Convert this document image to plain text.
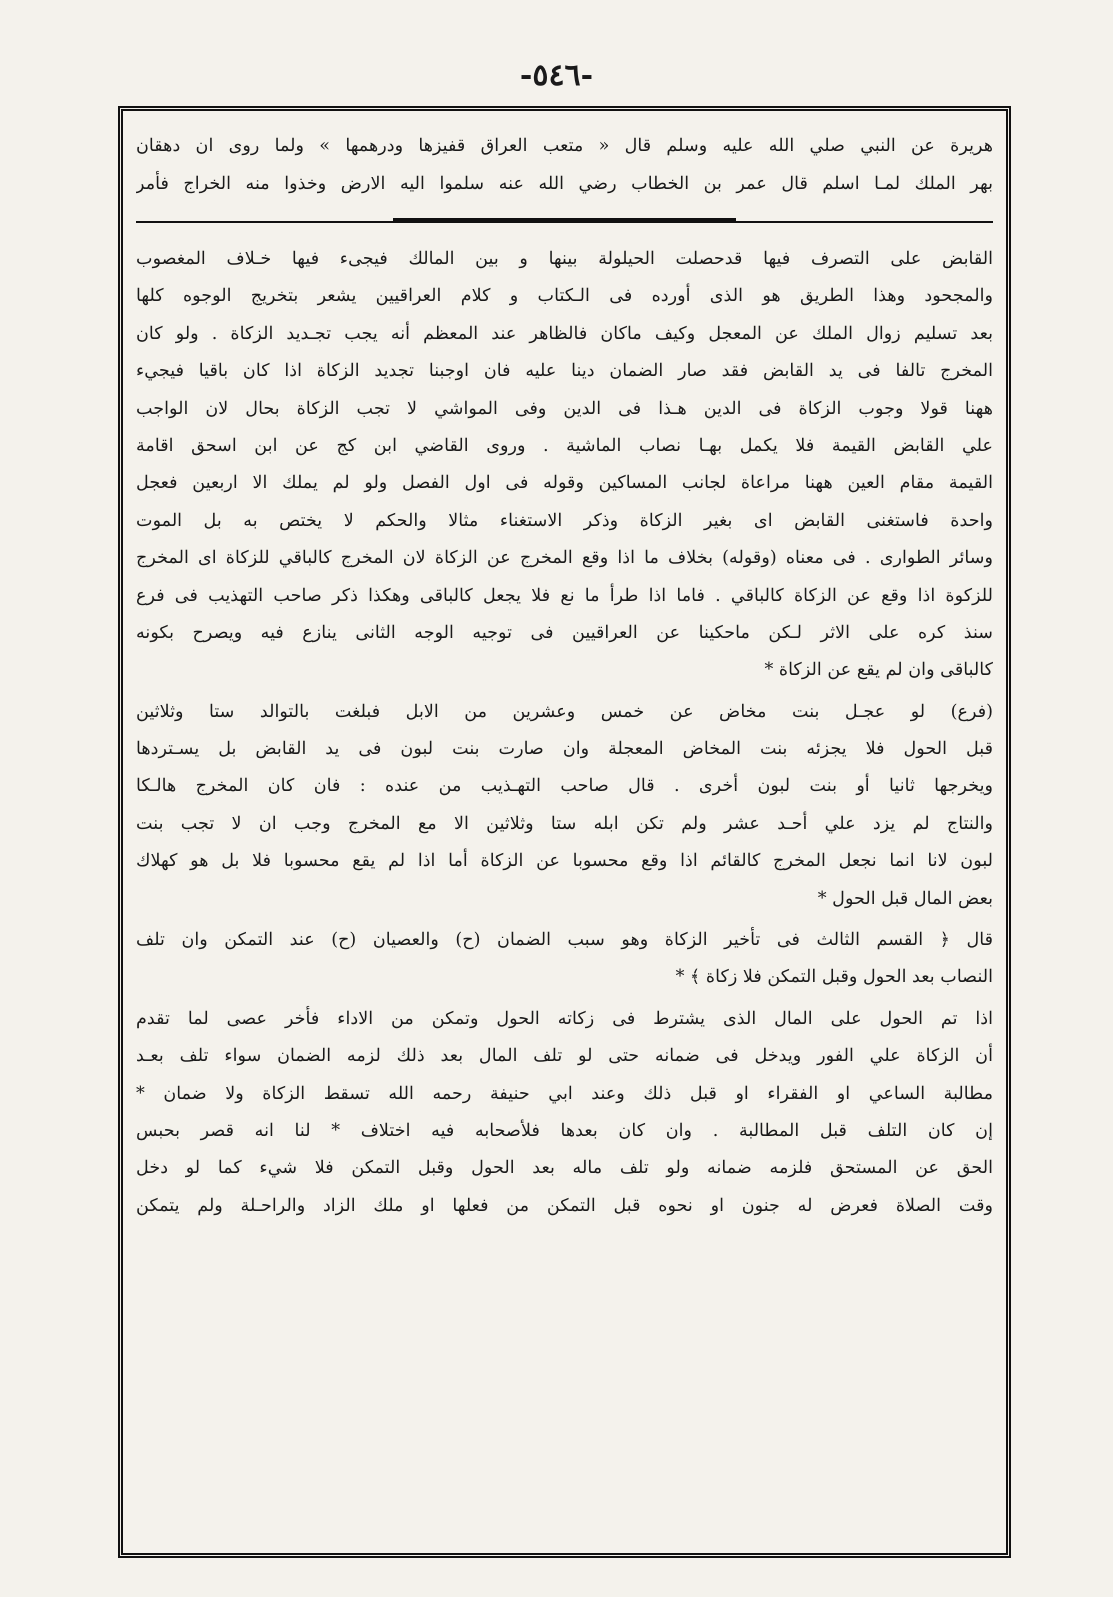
-٥٤٦-
هريرة عن النبي صلي الله عليه وسلم قال « متعب العراق قفيزها ودرهمها » ولما روى ان دهقان
بهر الملك لمـا اسلم قال عمر بن الخطاب رضي الله عنه سلموا اليه الارض وخذوا منه الخراج فأمر
القابض على التصرف فيها قدحصلت الحيلولة بينها و بين المالك فيجىء فيها خـلاف المغصوب
والمجحود وهذا الطريق هو الذى أورده فى الـكتاب و كلام العراقيين يشعر بتخريج الوجوه كلها
بعد تسليم زوال الملك عن المعجل وكيف ماكان فالظاهر عند المعظم أنه يجب تجـديد الزكاة . ولو كان
المخرج تالفا فى يد القابض فقد صار الضمان دينا عليه فان اوجبنا تجديد الزكاة اذا كان باقيا فيجيء
ههنا قولا وجوب الزكاة فى الدين هـذا فى الدين وفى المواشي لا تجب الزكاة بحال لان الواجب
علي القابض القيمة فلا يكمل بهـا نصاب الماشية . وروى القاضي ابن كج عن ابن اسحق اقامة
القيمة مقام العين ههنا مراعاة لجانب المساكين وقوله فى اول الفصل ولو لم يملك الا اربعين فعجل
واحدة فاستغنى القابض اى بغير الزكاة وذكر الاستغناء مثالا والحكم لا يختص به بل الموت
وسائر الطوارى . فى معناه (وقوله) بخلاف ما اذا وقع المخرج عن الزكاة لان المخرج كالباقي للزكاة اى المخرج
للزكوة اذا وقع عن الزكاة كالباقي . فاما اذا طرأ ما نع فلا يجعل كالباقى وهكذا ذكر صاحب التهذيب فى فرع
سنذ كره على الاثر لـكن ماحكينا عن العراقيين فى توجيه الوجه الثانى ينازع فيه ويصرح بكونه
كالباقى وان لم يقع عن الزكاة *
(فرع) لو عجـل بنت مخاض عن خمس وعشرين من الابل فبلغت بالتوالد ستا وثلاثين
قبل الحول فلا يجزئه بنت المخاض المعجلة وان صارت بنت لبون فى يد القابض بل يسـتردها
ويخرجها ثانيا أو بنت لبون أخرى . قال صاحب التهـذيب من عنده : فان كان المخرج هالـكا
والنتاج لم يزد علي أحـد عشر ولم تكن ابله ستا وثلاثين الا مع المخرج وجب ان لا تجب بنت
لبون لانا انما نجعل المخرج كالقائم اذا وقع محسوبا عن الزكاة أما اذا لم يقع محسوبا فلا بل هو كهلاك
بعض المال قبل الحول *
قال ﴿ القسم الثالث فى تأخير الزكاة وهو سبب الضمان (ح) والعصيان (ح) عند التمكن وان تلف
النصاب بعد الحول وقبل التمكن فلا زكاة ﴾ *
اذا تم الحول على المال الذى يشترط فى زكاته الحول وتمكن من الاداء فأخر عصى لما تقدم
أن الزكاة علي الفور ويدخل فى ضمانه حتى لو تلف المال بعد ذلك لزمه الضمان سواء تلف بعـد
مطالبة الساعي او الفقراء او قبل ذلك وعند ابي حنيفة رحمه الله تسقط الزكاة ولا ضمان *
إن كان التلف قبل المطالبة . وان كان بعدها فلأصحابه فيه اختلاف * لنا انه قصر بحبس
الحق عن المستحق فلزمه ضمانه ولو تلف ماله بعد الحول وقبل التمكن فلا شيء كما لو دخل
وقت الصلاة فعرض له جنون او نحوه قبل التمكن من فعلها او ملك الزاد والراحـلة ولم يتمكن
